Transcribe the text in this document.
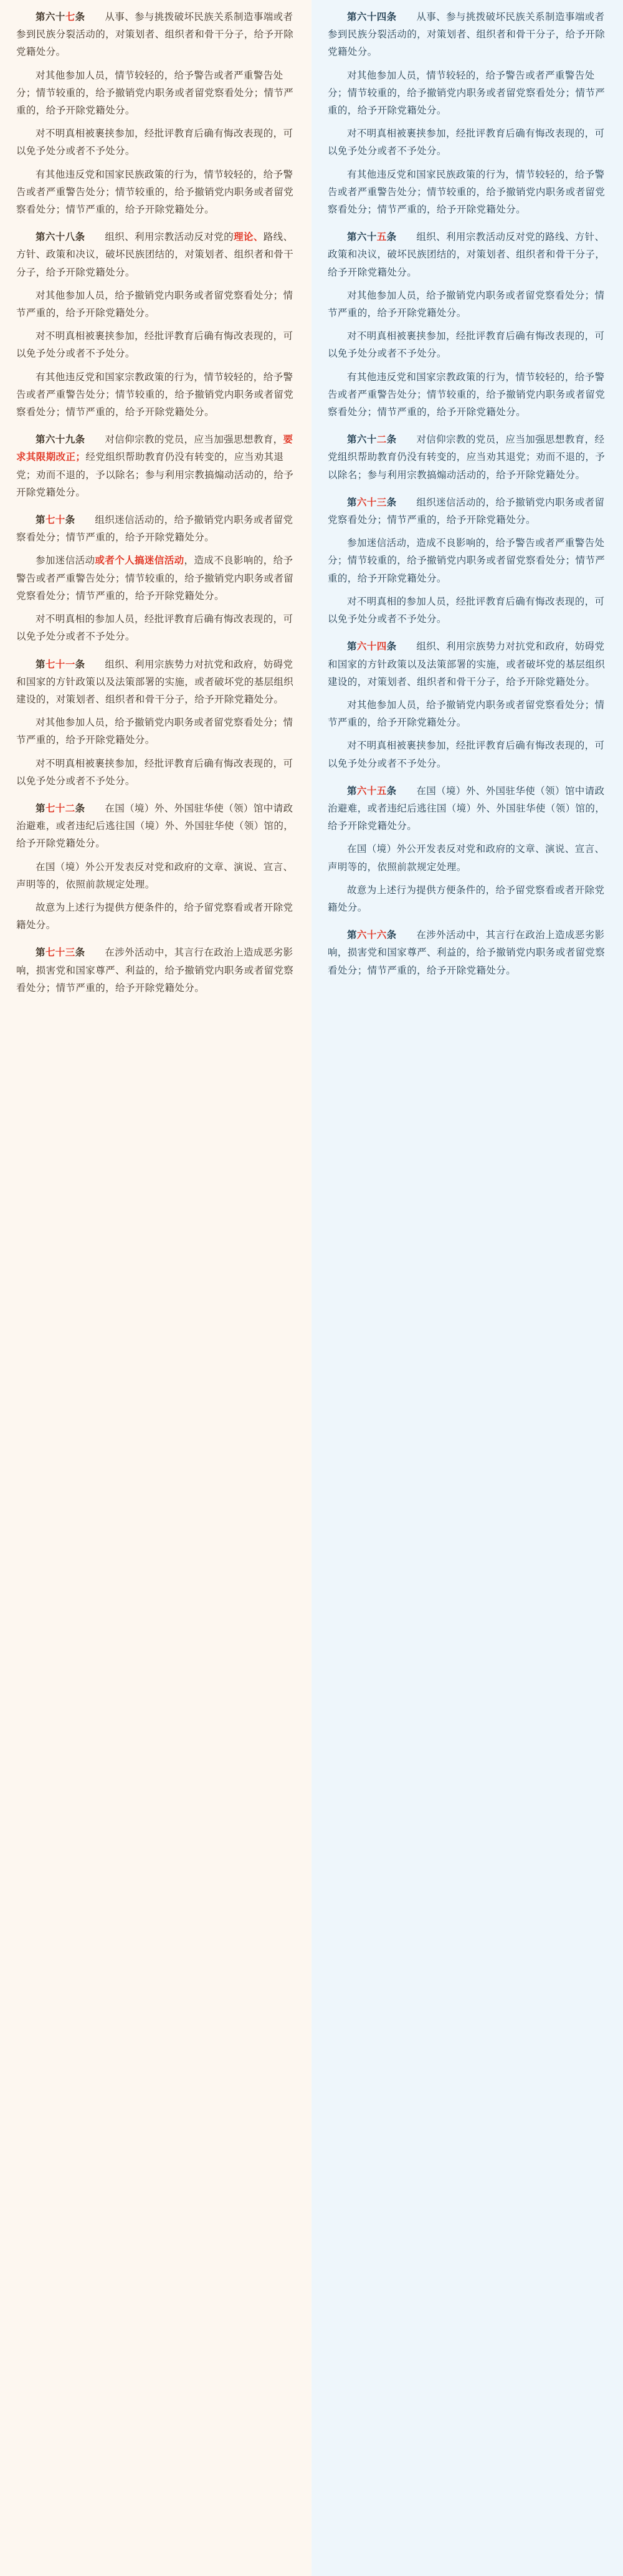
第六十七条　　从事、参与挑拨破坏民族关系制造事端或者参到民族分裂活动的，对策划者、组织者和骨干分子，给予开除党籍处分。

对其他参加人员，情节较轻的，给予警告或者严重警告处分；情节较重的，给予撤销党内职务或者留党察看处分；情节严重的，给予开除党籍处分。

对不明真相被裹挟参加，经批评教育后确有悔改表现的，可以免予处分或者不予处分。

有其他违反党和国家民族政策的行为，情节较轻的，给予警告或者严重警告处分；情节较重的，给予撤销党内职务或者留党察看处分；情节严重的，给予开除党籍处分。

第六十八条　　组织、利用宗教活动反对党的理论、路线、方针、政策和决议，破坏民族团结的，对策划者、组织者和骨干分子，给予开除党籍处分。

对其他参加人员，给予撤销党内职务或者留党察看处分；情节严重的，给予开除党籍处分。

对不明真相被裹挟参加，经批评教育后确有悔改表现的，可以免予处分或者不予处分。

有其他违反党和国家宗教政策的行为，情节较轻的，给予警告或者严重警告处分；情节较重的，给予撤销党内职务或者留党察看处分；情节严重的，给予开除党籍处分。

第六十九条　　对信仰宗教的党员，应当加强思想教育，要求其限期改正；经党组织帮助教育仍没有转变的，应当劝其退党；劝而不退的，予以除名；参与利用宗教搞煽动活动的，给予开除党籍处分。

第七十条　　组织迷信活动的，给予撤销党内职务或者留党察看处分；情节严重的，给予开除党籍处分。

参加迷信活动或者个人搞迷信活动，造成不良影响的，给予警告或者严重警告处分；情节较重的，给予撤销党内职务或者留党察看处分；情节严重的，给予开除党籍处分。

对不明真相的参加人员，经批评教育后确有悔改表现的，可以免予处分或者不予处分。

第七十一条　　组织、利用宗族势力对抗党和政府，妨碍党和国家的方针政策以及法策部署的实施，或者破坏党的基层组织建设的，对策划者、组织者和骨干分子，给予开除党籍处分。

对其他参加人员，给予撤销党内职务或者留党察看处分；情节严重的，给予开除党籍处分。

对不明真相被裹挟参加，经批评教育后确有悔改表现的，可以免予处分或者不予处分。

第七十二条　　在国（境）外、外国驻华使（领）馆中请政治避难，或者违纪后逃往国（境）外、外国驻华使（领）馆的，给予开除党籍处分。

在国（境）外公开发表反对党和政府的文章、演说、宣言、声明等的，依照前款规定处理。

故意为上述行为提供方便条件的，给予留党察看或者开除党籍处分。

第七十三条　　在涉外活动中，其言行在政治上造成恶劣影响，损害党和国家尊严、利益的，给予撤销党内职务或者留党察看处分；情节严重的，给予开除党籍处分。

第六十四条　　从事、参与挑拨破坏民族关系制造事端或者参到民族分裂活动的，对策划者、组织者和骨干分子，给予开除党籍处分。

对其他参加人员，情节较轻的，给予警告或者严重警告处分；情节较重的，给予撤销党内职务或者留党察看处分；情节严重的，给予开除党籍处分。

对不明真相被裹挟参加，经批评教育后确有悔改表现的，可以免予处分或者不予处分。

有其他违反党和国家民族政策的行为，情节较轻的，给予警告或者严重警告处分；情节较重的，给予撤销党内职务或者留党察看处分；情节严重的，给予开除党籍处分。

第六十五条　　组织、利用宗教活动反对党的路线、方针、政策和决议，破坏民族团结的，对策划者、组织者和骨干分子，给予开除党籍处分。

对其他参加人员，给予撤销党内职务或者留党察看处分；情节严重的，给予开除党籍处分。

对不明真相被裹挟参加，经批评教育后确有悔改表现的，可以免予处分或者不予处分。

有其他违反党和国家宗教政策的行为，情节较轻的，给予警告或者严重警告处分；情节较重的，给予撤销党内职务或者留党察看处分；情节严重的，给予开除党籍处分。

第六十二条　　对信仰宗教的党员，应当加强思想教育，经党组织帮助教育仍没有转变的，应当劝其退党；劝而不退的，予以除名；参与利用宗教搞煽动活动的，给予开除党籍处分。

第六十三条　　组织迷信活动的，给予撤销党内职务或者留党察看处分；情节严重的，给予开除党籍处分。

参加迷信活动，造成不良影响的，给予警告或者严重警告处分；情节较重的，给予撤销党内职务或者留党察看处分；情节严重的，给予开除党籍处分。

对不明真相的参加人员，经批评教育后确有悔改表现的，可以免予处分或者不予处分。

第六十四条　　组织、利用宗族势力对抗党和政府，妨碍党和国家的方针政策以及法策部署的实施，或者破坏党的基层组织建设的，对策划者、组织者和骨干分子，给予开除党籍处分。

对其他参加人员，给予撤销党内职务或者留党察看处分；情节严重的，给予开除党籍处分。

对不明真相被裹挟参加，经批评教育后确有悔改表现的，可以免予处分或者不予处分。

第六十五条　　在国（境）外、外国驻华使（领）馆中请政治避难，或者违纪后逃往国（境）外、外国驻华使（领）馆的，给予开除党籍处分。

在国（境）外公开发表反对党和政府的文章、演说、宣言、声明等的，依照前款规定处理。

故意为上述行为提供方便条件的，给予留党察看或者开除党籍处分。

第六十六条　　在涉外活动中，其言行在政治上造成恶劣影响，损害党和国家尊严、利益的，给予撤销党内职务或者留党察看处分；情节严重的，给予开除党籍处分。
